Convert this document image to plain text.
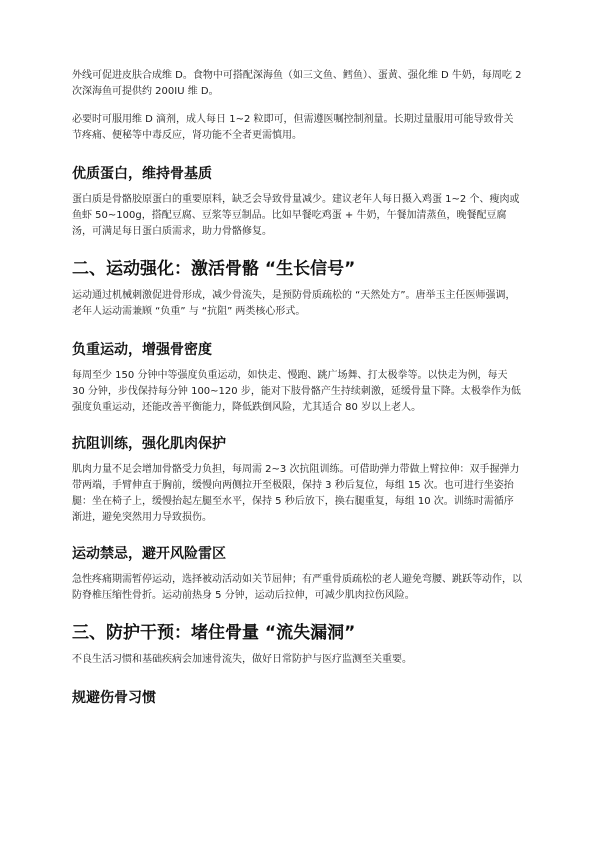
外线可促进皮肤合成维 D。食物中可搭配深海鱼（如三文鱼、鳕鱼）、蛋黄、强化维 D 牛奶，每周吃 2 次深海鱼可提供约 200IU 维 D。

必要时可服用维 D 滴剂，成人每日 1~2 粒即可，但需遵医嘱控制剂量。长期过量服用可能导致骨关节疼痛、便秘等中毒反应，肾功能不全者更需慎用。

优质蛋白，维持骨基质

蛋白质是骨骼胶原蛋白的重要原料，缺乏会导致骨量减少。建议老年人每日摄入鸡蛋 1~2 个、瘦肉或鱼虾 50~100g，搭配豆腐、豆浆等豆制品。比如早餐吃鸡蛋 + 牛奶，午餐加清蒸鱼，晚餐配豆腐汤，可满足每日蛋白质需求，助力骨骼修复。

二、运动强化：激活骨骼 “生长信号”

运动通过机械刺激促进骨形成，减少骨流失，是预防骨质疏松的 “天然处方”。唐举玉主任医师强调，老年人运动需兼顾 “负重” 与 “抗阻” 两类核心形式。

负重运动，增强骨密度

每周至少 150 分钟中等强度负重运动，如快走、慢跑、跳广场舞、打太极拳等。以快走为例，每天 30 分钟，步伐保持每分钟 100~120 步，能对下肢骨骼产生持续刺激，延缓骨量下降。太极拳作为低强度负重运动，还能改善平衡能力，降低跌倒风险，尤其适合 80 岁以上老人。

抗阻训练，强化肌肉保护

肌肉力量不足会增加骨骼受力负担，每周需 2~3 次抗阻训练。可借助弹力带做上臂拉伸：双手握弹力带两端，手臂伸直于胸前，缓慢向两侧拉开至极限，保持 3 秒后复位，每组 15 次。也可进行坐姿抬腿：坐在椅子上，缓慢抬起左腿至水平，保持 5 秒后放下，换右腿重复，每组 10 次。训练时需循序渐进，避免突然用力导致损伤。

运动禁忌，避开风险雷区

急性疼痛期需暂停运动，选择被动活动如关节屈伸；有严重骨质疏松的老人避免弯腰、跳跃等动作，以防脊椎压缩性骨折。运动前热身 5 分钟，运动后拉伸，可减少肌肉拉伤风险。

三、防护干预：堵住骨量 “流失漏洞”

不良生活习惯和基础疾病会加速骨流失，做好日常防护与医疗监测至关重要。

规避伤骨习惯
